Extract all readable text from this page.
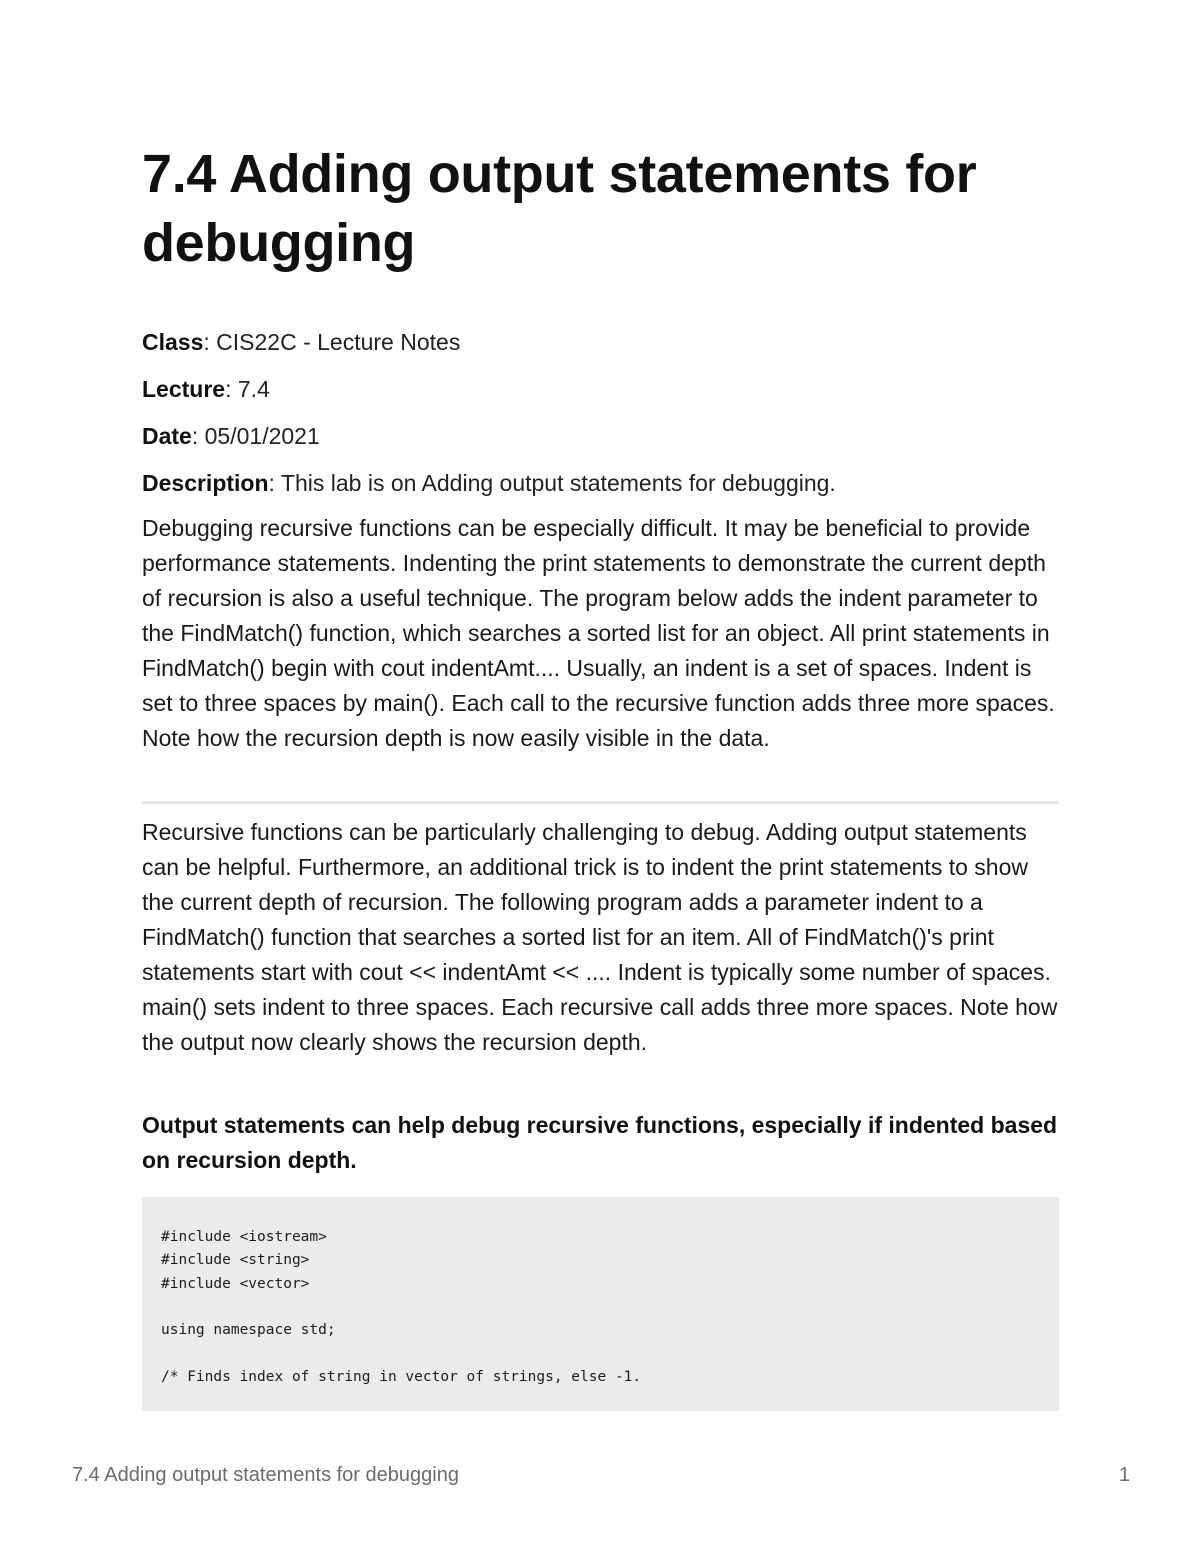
7.4 Adding output statements for debugging
Class: CIS22C - Lecture Notes
Lecture: 7.4
Date: 05/01/2021
Description: This lab is on Adding output statements for debugging.

Debugging recursive functions can be especially difficult. It may be beneficial to provide performance statements. Indenting the print statements to demonstrate the current depth of recursion is also a useful technique. The program below adds the indent parameter to the FindMatch() function, which searches a sorted list for an object. All print statements in FindMatch() begin with cout indentAmt.... Usually, an indent is a set of spaces. Indent is set to three spaces by main(). Each call to the recursive function adds three more spaces. Note how the recursion depth is now easily visible in the data.

Recursive functions can be particularly challenging to debug. Adding output statements can be helpful. Furthermore, an additional trick is to indent the print statements to show the current depth of recursion. The following program adds a parameter indent to a FindMatch() function that searches a sorted list for an item. All of FindMatch()'s print statements start with cout << indentAmt << .... Indent is typically some number of spaces. main() sets indent to three spaces. Each recursive call adds three more spaces. Note how the output now clearly shows the recursion depth.

Output statements can help debug recursive functions, especially if indented based on recursion depth.

#include <iostream>
#include <string>
#include <vector>
using namespace std;
/* Finds index of string in vector of strings, else -1.
7.4 Adding output statements for debugging	1
